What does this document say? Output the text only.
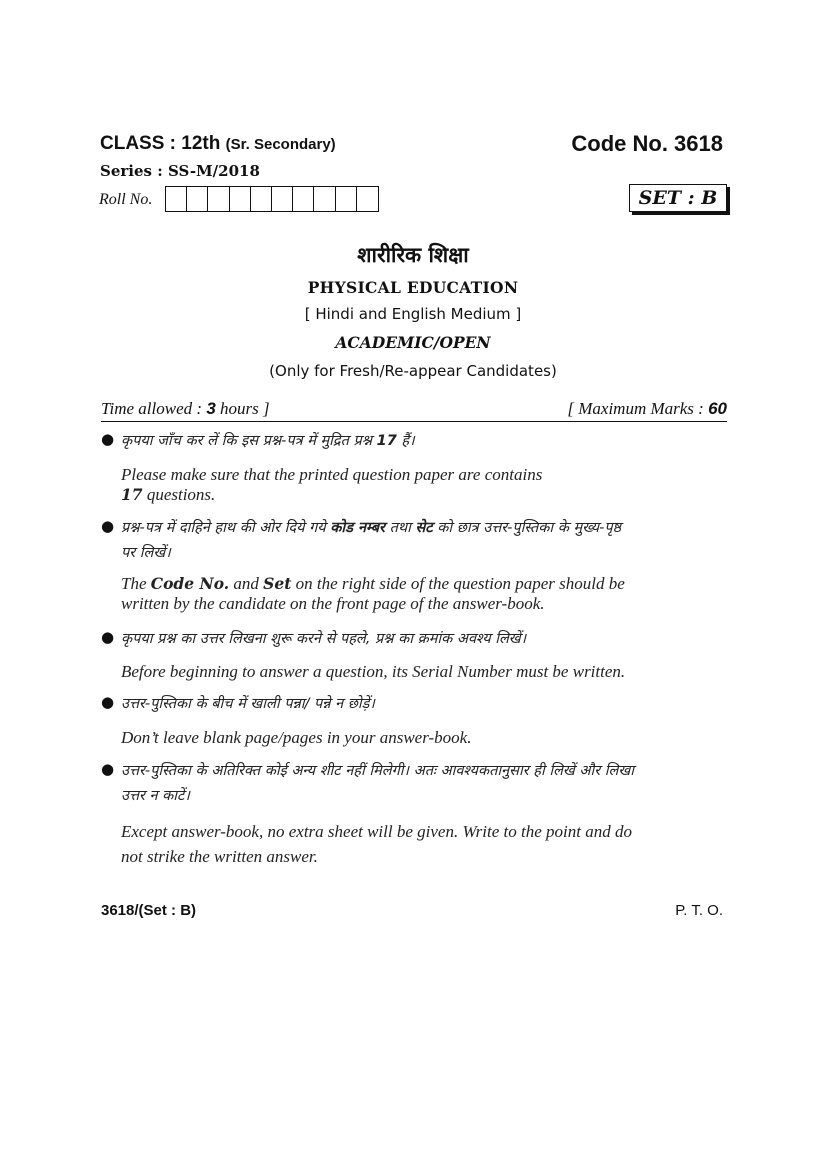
CLASS : 12th (Sr. Secondary)	Code No. 3618
Series : SS-M/2018
Roll No.	SET : B
शारीरिक शिक्षा
PHYSICAL EDUCATION
[ Hindi and English Medium ]
ACADEMIC/OPEN
(Only for Fresh/Re-appear Candidates)
Time allowed : 3 hours ]	[ Maximum Marks : 60
● कृपया जाँच कर लें कि इस प्रश्न-पत्र में मुद्रित प्रश्न 17 हैं।
Please make sure that the printed question paper are contains
17 questions.
● प्रश्न-पत्र में दाहिने हाथ की ओर दिये गये कोड नम्बर तथा सेट को छात्र उत्तर-पुस्तिका के मुख्य-पृष्ठ
पर लिखें।
The Code No. and Set on the right side of the question paper should be
written by the candidate on the front page of the answer-book.
● कृपया प्रश्न का उत्तर लिखना शुरू करने से पहले, प्रश्न का क्रमांक अवश्य लिखें।
Before beginning to answer a question, its Serial Number must be written.
● उत्तर-पुस्तिका के बीच में खाली पन्ना/ पन्ने न छोड़ें।
Don’t leave blank page/pages in your answer-book.
● उत्तर-पुस्तिका के अतिरिक्त कोई अन्य शीट नहीं मिलेगी। अतः आवश्यकतानुसार ही लिखें और लिखा
उत्तर न काटें।
Except answer-book, no extra sheet will be given. Write to the point and do
not strike the written answer.
3618/(Set : B)	P. T. O.
